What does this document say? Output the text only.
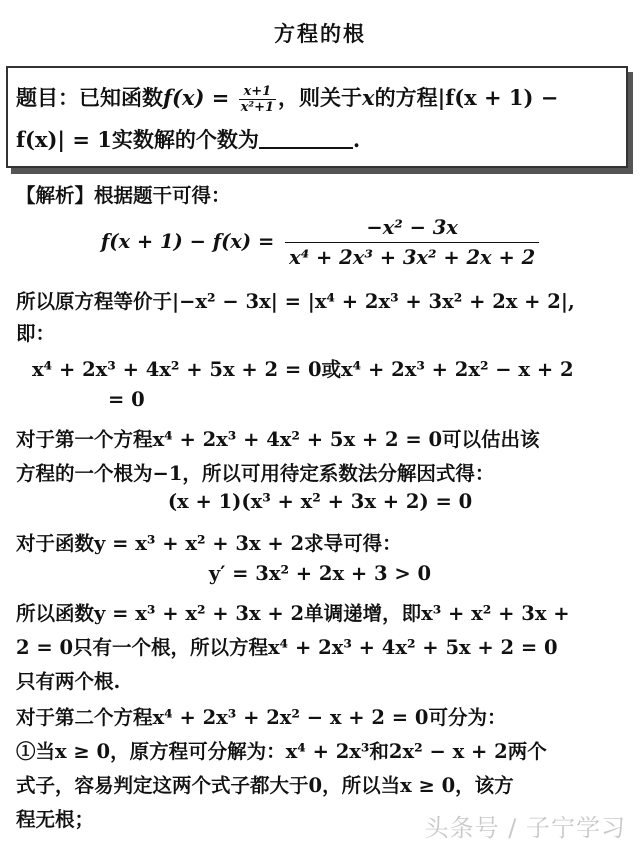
方程的根
题目：已知函数$f(x) = \frac{x+1}{\text{x²+1}}$ ，则关于x的方程|f(x + 1) −
f(x)| = 1实数解的个数为	.
【解析】根据题干可得：
$f(x + 1) - f(x) = \frac{\text{−x² − 3x}}{\text{x⁴ + 2x³ + 3x² + 2x + 2}}$
所以原方程等价于|−x² − 3x| = |x⁴ + 2x³ + 3x² + 2x + 2|,
即：
x⁴ + 2x³ + 4x² + 5x + 2 = 0或x⁴ + 2x³ + 2x² − x + 2
= 0
对于第一个方程x⁴ + 2x³ + 4x² + 5x + 2 = 0可以估出该
方程的一个根为−1，所以可用待定系数法分解因式得：
(x + 1)(x³ + x² + 3x + 2) = 0
对于函数y = x³ + x² + 3x + 2求导可得：
y′ = 3x² + 2x + 3 > 0
所以函数y = x³ + x² + 3x + 2单调递增，即x³ + x² + 3x +
2 = 0只有一个根，所以方程x⁴ + 2x³ + 4x² + 5x + 2 = 0
只有两个根.
对于第二个方程x⁴ + 2x³ + 2x² − x + 2 = 0可分为：
①当x ≥ 0，原方程可分解为：x⁴ + 2x³和2x² − x + 2两个
式子，容易判定这两个式子都大于0，所以当x ≥ 0，该方
程无根；	头条号 / 子宁学习
